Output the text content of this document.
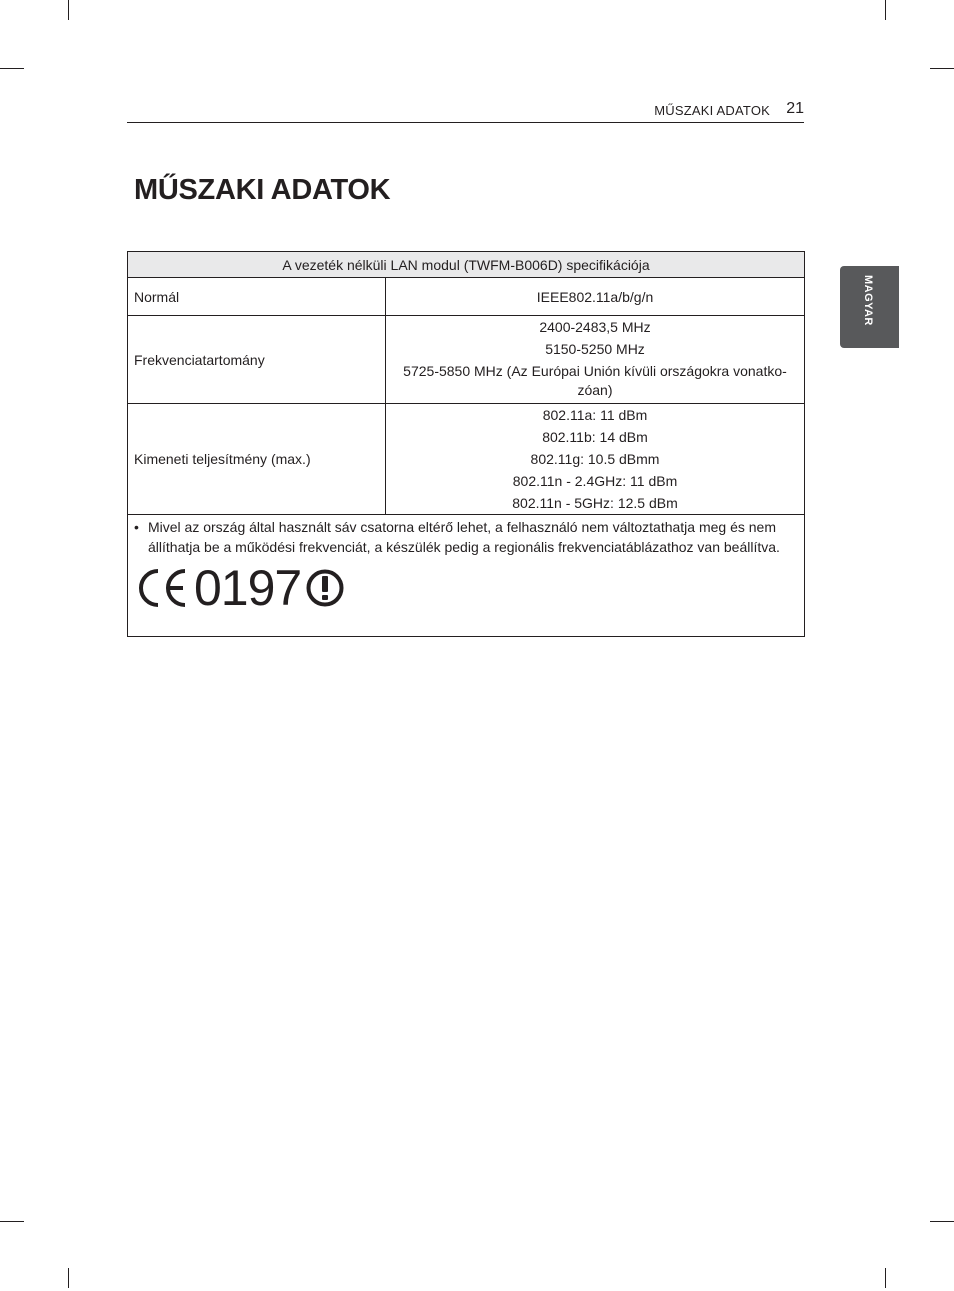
MŰSZAKI ADATOK 21
MŰSZAKI ADATOK
MAGYAR
A vezeték nélküli LAN modul (TWFM-B006D) specifikációja	
Normál	IEEE802.11a/b/g/n

Frekvenciatartomány	2400-2483,5 MHz
5150-5250 MHz
5725-5850 MHz (Az Európai Unión kívüli országokra vonatko-zóan)

Kimeneti teljesítmény (max.)	802.11a: 11 dBm
802.11b: 14 dBm
802.11g: 10.5 dBmm
802.11n - 2.4GHz: 11 dBm
802.11n - 5GHz: 12.5 dBm

• Mivel az ország által használt sáv csatorna eltérő lehet, a felhasználó nem változtathatja meg és nem állíthatja be a működési frekvenciát, a készülék pedig a regionális frekvenciatáblázathoz van beállítva.
0197	
